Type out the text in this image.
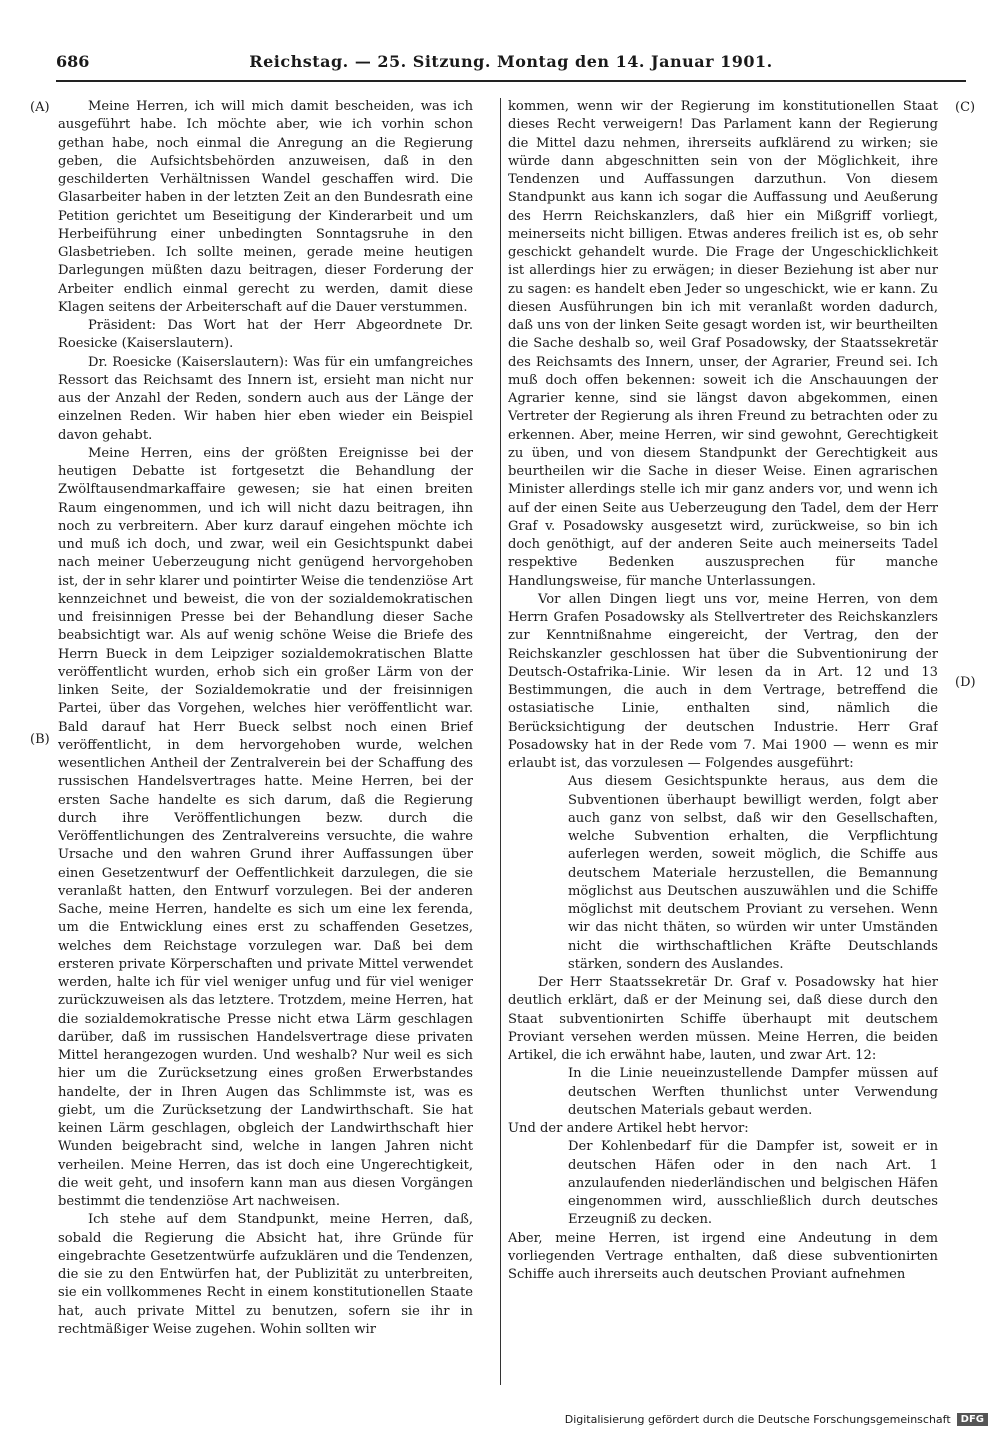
686	Reichstag. — 25. Sitzung. Montag den 14. Januar 1901.
(A)
(B)
(C)
(D)

Meine Herren, ich will mich damit bescheiden, was ich ausgeführt habe. Ich möchte aber, wie ich vorhin schon gethan habe, noch einmal die Anregung an die Regierung geben, die Aufsichtsbehörden anzuweisen, daß in den geschilderten Verhältnissen Wandel geschaffen wird. Die Glasarbeiter haben in der letzten Zeit an den Bundesrath eine Petition gerichtet um Beseitigung der Kinderarbeit und um Herbeiführung einer unbedingten Sonntagsruhe in den Glasbetrieben. Ich sollte meinen, gerade meine heutigen Darlegungen müßten dazu beitragen, dieser Forderung der Arbeiter endlich einmal gerecht zu werden, damit diese Klagen seitens der Arbeiterschaft auf die Dauer verstummen.

Präsident: Das Wort hat der Herr Abgeordnete Dr. Roesicke (Kaiserslautern).

Dr. Roesicke (Kaiserslautern): Was für ein umfangreiches Ressort das Reichsamt des Innern ist, ersieht man nicht nur aus der Anzahl der Reden, sondern auch aus der Länge der einzelnen Reden. Wir haben hier eben wieder ein Beispiel davon gehabt.

Meine Herren, eins der größten Ereignisse bei der heutigen Debatte ist fortgesetzt die Behandlung der Zwölftausendmarkaffaire gewesen; sie hat einen breiten Raum eingenommen, und ich will nicht dazu beitragen, ihn noch zu verbreitern. Aber kurz darauf eingehen möchte ich und muß ich doch, und zwar, weil ein Gesichtspunkt dabei nach meiner Ueberzeugung nicht genügend hervorgehoben ist, der in sehr klarer und pointirter Weise die tendenziöse Art kennzeichnet und beweist, die von der sozialdemokratischen und freisinnigen Presse bei der Behandlung dieser Sache beabsichtigt war. Als auf wenig schöne Weise die Briefe des Herrn Bueck in dem Leipziger sozialdemokratischen Blatte veröffentlicht wurden, erhob sich ein großer Lärm von der linken Seite, der Sozialdemokratie und der freisinnigen Partei, über das Vorgehen, welches hier veröffentlicht war. Bald darauf hat Herr Bueck selbst noch einen Brief veröffentlicht, in dem hervorgehoben wurde, welchen wesentlichen Antheil der Zentralverein bei der Schaffung des russischen Handelsvertrages hatte. Meine Herren, bei der ersten Sache handelte es sich darum, daß die Regierung durch ihre Veröffentlichungen bezw. durch die Veröffentlichungen des Zentralvereins versuchte, die wahre Ursache und den wahren Grund ihrer Auffassungen über einen Gesetzentwurf der Oeffentlichkeit darzulegen, die sie veranlaßt hatten, den Entwurf vorzulegen. Bei der anderen Sache, meine Herren, handelte es sich um eine lex ferenda, um die Entwicklung eines erst zu schaffenden Gesetzes, welches dem Reichstage vorzulegen war. Daß bei dem ersteren private Körperschaften und private Mittel verwendet werden, halte ich für viel weniger unfug und für viel weniger zurückzuweisen als das letztere. Trotzdem, meine Herren, hat die sozialdemokratische Presse nicht etwa Lärm geschlagen darüber, daß im russischen Handelsvertrage diese privaten Mittel herangezogen wurden. Und weshalb? Nur weil es sich hier um die Zurücksetzung eines großen Erwerbstandes handelte, der in Ihren Augen das Schlimmste ist, was es giebt, um die Zurücksetzung der Landwirthschaft. Sie hat keinen Lärm geschlagen, obgleich der Landwirthschaft hier Wunden beigebracht sind, welche in langen Jahren nicht verheilen. Meine Herren, das ist doch eine Ungerechtigkeit, die weit geht, und insofern kann man aus diesen Vorgängen bestimmt die tendenziöse Art nachweisen.

Ich stehe auf dem Standpunkt, meine Herren, daß, sobald die Regierung die Absicht hat, ihre Gründe für eingebrachte Gesetzentwürfe aufzuklären und die Tendenzen, die sie zu den Entwürfen hat, der Publizität zu unterbreiten, sie ein vollkommenes Recht in einem konstitutionellen Staate hat, auch private Mittel zu benutzen, sofern sie ihr in rechtmäßiger Weise zugehen. Wohin sollten wir

kommen, wenn wir der Regierung im konstitutionellen Staat dieses Recht verweigern! Das Parlament kann der Regierung die Mittel dazu nehmen, ihrerseits aufklärend zu wirken; sie würde dann abgeschnitten sein von der Möglichkeit, ihre Tendenzen und Auffassungen darzuthun. Von diesem Standpunkt aus kann ich sogar die Auffassung und Aeußerung des Herrn Reichskanzlers, daß hier ein Mißgriff vorliegt, meinerseits nicht billigen. Etwas anderes freilich ist es, ob sehr geschickt gehandelt wurde. Die Frage der Ungeschicklichkeit ist allerdings hier zu erwägen; in dieser Beziehung ist aber nur zu sagen: es handelt eben Jeder so ungeschickt, wie er kann. Zu diesen Ausführungen bin ich mit veranlaßt worden dadurch, daß uns von der linken Seite gesagt worden ist, wir beurtheilten die Sache deshalb so, weil Graf Posadowsky, der Staatssekretär des Reichsamts des Innern, unser, der Agrarier, Freund sei. Ich muß doch offen bekennen: soweit ich die Anschauungen der Agrarier kenne, sind sie längst davon abgekommen, einen Vertreter der Regierung als ihren Freund zu betrachten oder zu erkennen. Aber, meine Herren, wir sind gewohnt, Gerechtigkeit zu üben, und von diesem Standpunkt der Gerechtigkeit aus beurtheilen wir die Sache in dieser Weise. Einen agrarischen Minister allerdings stelle ich mir ganz anders vor, und wenn ich auf der einen Seite aus Ueberzeugung den Tadel, dem der Herr Graf v. Posadowsky ausgesetzt wird, zurückweise, so bin ich doch genöthigt, auf der anderen Seite auch meinerseits Tadel respektive Bedenken auszusprechen für manche Handlungsweise, für manche Unterlassungen.

Vor allen Dingen liegt uns vor, meine Herren, von dem Herrn Grafen Posadowsky als Stellvertreter des Reichskanzlers zur Kenntnißnahme eingereicht, der Vertrag, den der Reichskanzler geschlossen hat über die Subventionirung der Deutsch-Ostafrika-Linie. Wir lesen da in Art. 12 und 13 Bestimmungen, die auch in dem Vertrage, betreffend die ostasiatische Linie, enthalten sind, nämlich die Berücksichtigung der deutschen Industrie. Herr Graf Posadowsky hat in der Rede vom 7. Mai 1900 — wenn es mir erlaubt ist, das vorzulesen — Folgendes ausgeführt:

Aus diesem Gesichtspunkte heraus, aus dem die Subventionen überhaupt bewilligt werden, folgt aber auch ganz von selbst, daß wir den Gesellschaften, welche Subvention erhalten, die Verpflichtung auferlegen werden, soweit möglich, die Schiffe aus deutschem Materiale herzustellen, die Bemannung möglichst aus Deutschen auszuwählen und die Schiffe möglichst mit deutschem Proviant zu versehen. Wenn wir das nicht thäten, so würden wir unter Umständen nicht die wirthschaftlichen Kräfte Deutschlands stärken, sondern des Auslandes.

Der Herr Staatssekretär Dr. Graf v. Posadowsky hat hier deutlich erklärt, daß er der Meinung sei, daß diese durch den Staat subventionirten Schiffe überhaupt mit deutschem Proviant versehen werden müssen. Meine Herren, die beiden Artikel, die ich erwähnt habe, lauten, und zwar Art. 12:

In die Linie neueinzustellende Dampfer müssen auf deutschen Werften thunlichst unter Verwendung deutschen Materials gebaut werden.

Und der andere Artikel hebt hervor:

Der Kohlenbedarf für die Dampfer ist, soweit er in deutschen Häfen oder in den nach Art. 1 anzulaufenden niederländischen und belgischen Häfen eingenommen wird, ausschließlich durch deutsches Erzeugniß zu decken.

Aber, meine Herren, ist irgend eine Andeutung in dem vorliegenden Vertrage enthalten, daß diese subventionirten Schiffe auch ihrerseits auch deutschen Proviant aufnehmen

Digitalisierung gefördert durch die Deutsche Forschungsgemeinschaft	DFG
